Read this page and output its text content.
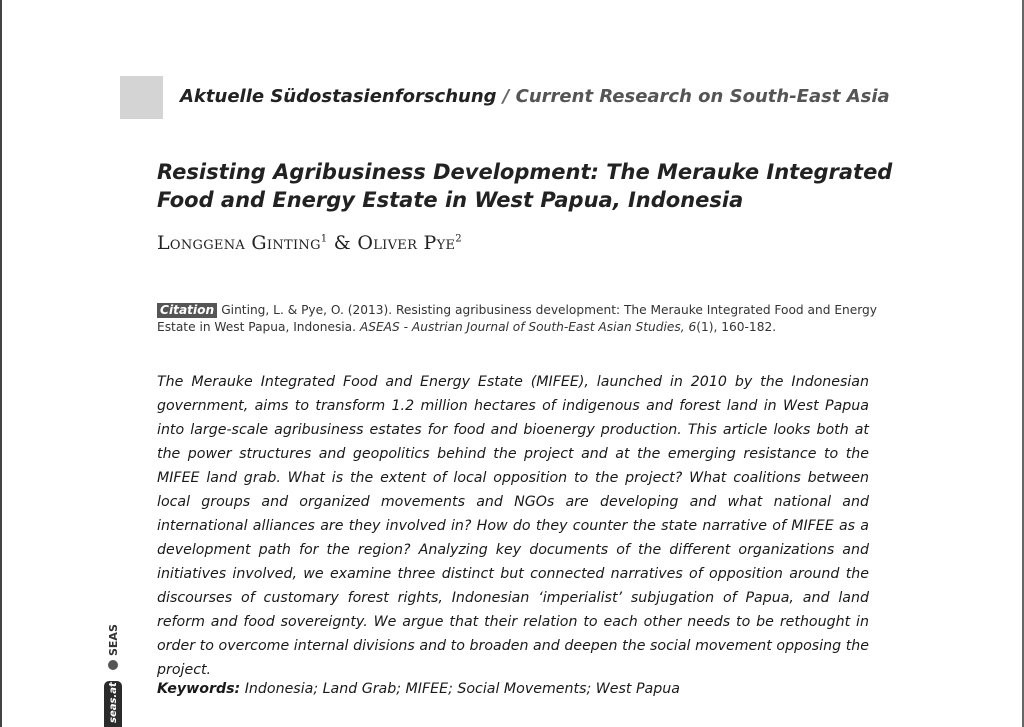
Aktuelle Südostasienforschung / Current Research on South-East Asia
Resisting Agribusiness Development: The Merauke Integrated Food and Energy Estate in West Papua, Indonesia
Longgena Ginting$^1$ & Oliver Pye$^2$
Citation Ginting, L. & Pye, O. (2013). Resisting agribusiness development: The Merauke Integrated Food and Energy Estate in West Papua, Indonesia. ASEAS - Austrian Journal of South-East Asian Studies, 6(1), 160-182.

The Merauke Integrated Food and Energy Estate (MIFEE), launched in 2010 by the Indonesian government, aims to transform 1.2 million hectares of indigenous and forest land in West Papua into large-scale agribusiness estates for food and bioenergy production. This article looks both at the power structures and geopolitics behind the project and at the emerging resistance to the MIFEE land grab. What is the extent of local opposition to the project? What coalitions between local groups and organized movements and NGOs are developing and what national and international alliances are they involved in? How do they counter the state narrative of MIFEE as a development path for the region? Analyzing key documents of the different organizations and initiatives involved, we examine three distinct but connected narratives of opposition around the discourses of customary forest rights, Indonesian ‘imperialist’ subjugation of Papua, and land reform and food sovereignty. We argue that their relation to each other needs to be rethought in order to overcome internal divisions and to broaden and deepen the social movement opposing the project.

Keywords: Indonesia; Land Grab; MIFEE; Social Movements; West Papua
SEAS
seas.at
